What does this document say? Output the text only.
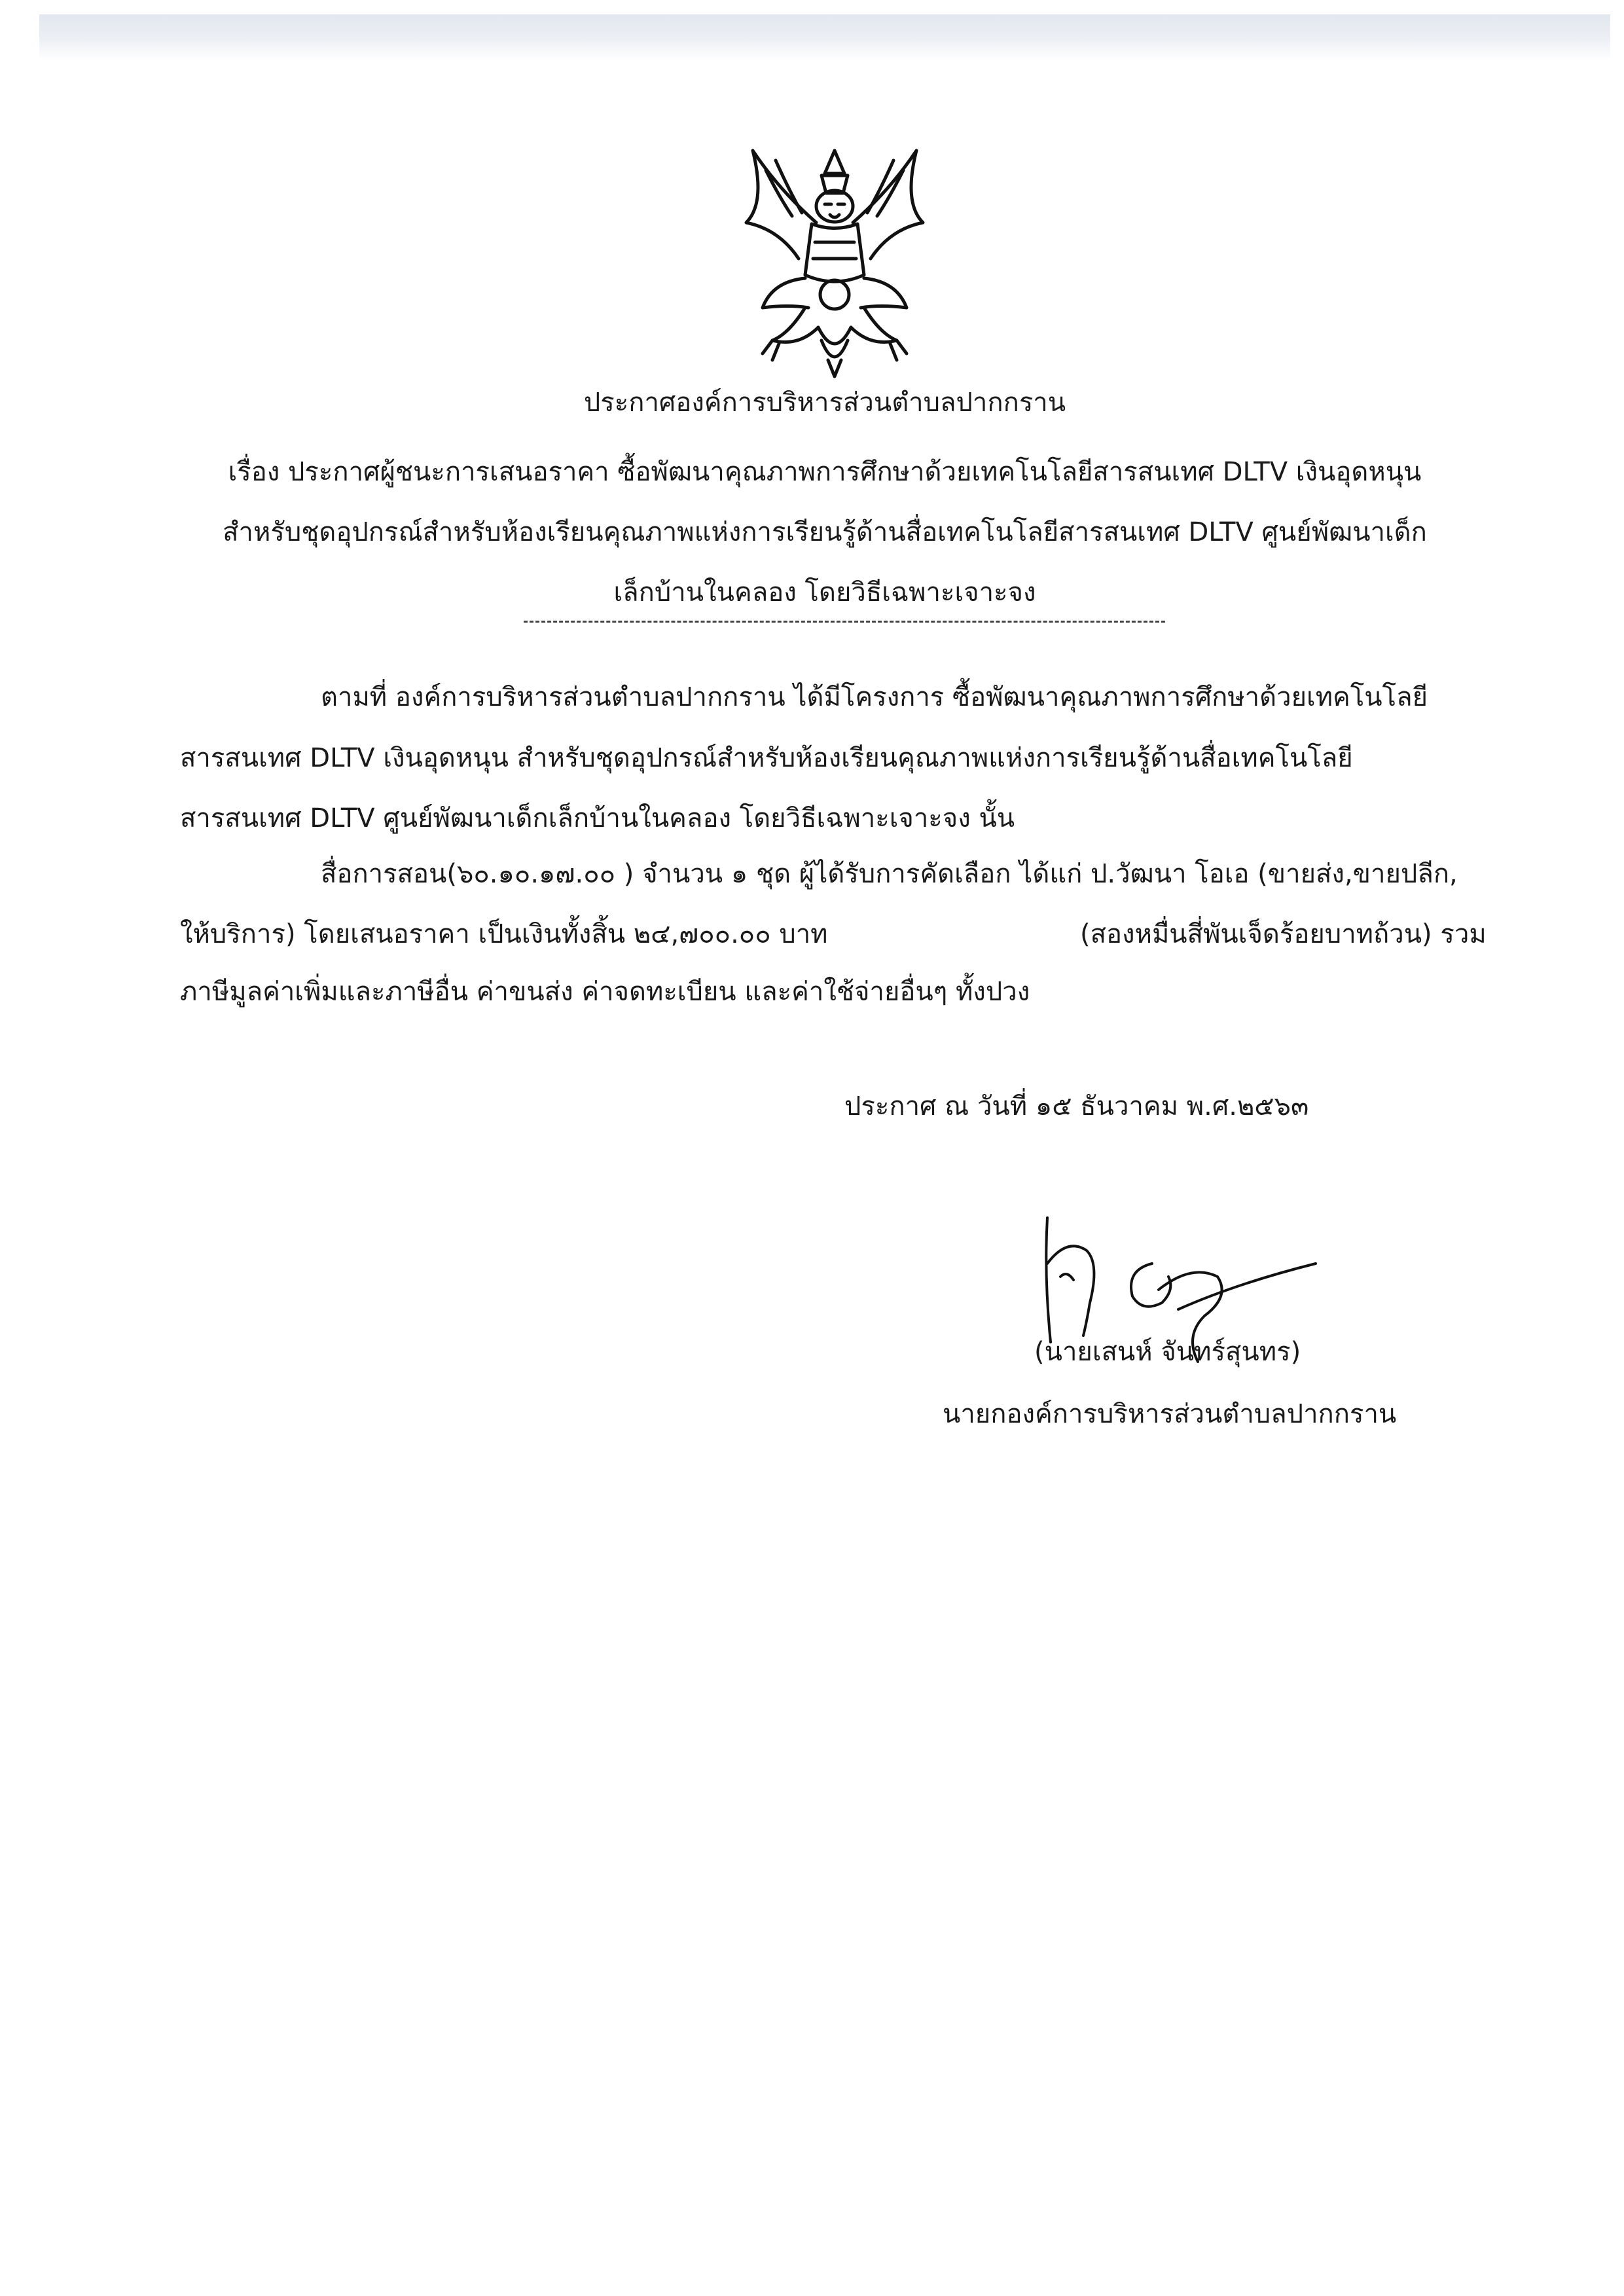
ประกาศองค์การบริหารส่วนตำบลปากกราน
เรื่อง ประกาศผู้ชนะการเสนอราคา ซื้อพัฒนาคุณภาพการศึกษาด้วยเทคโนโลยีสารสนเทศ DLTV เงินอุดหนุน
สำหรับชุดอุปกรณ์สำหรับห้องเรียนคุณภาพแห่งการเรียนรู้ด้านสื่อเทคโนโลยีสารสนเทศ DLTV ศูนย์พัฒนาเด็ก
เล็กบ้านในคลอง โดยวิธีเฉพาะเจาะจง
ตามที่ องค์การบริหารส่วนตำบลปากกราน ได้มีโครงการ ซื้อพัฒนาคุณภาพการศึกษาด้วยเทคโนโลยี
สารสนเทศ DLTV เงินอุดหนุน สำหรับชุดอุปกรณ์สำหรับห้องเรียนคุณภาพแห่งการเรียนรู้ด้านสื่อเทคโนโลยี
สารสนเทศ DLTV ศูนย์พัฒนาเด็กเล็กบ้านในคลอง โดยวิธีเฉพาะเจาะจง นั้น
สื่อการสอน(๖๐.๑๐.๑๗.๐๐ ) จำนวน ๑ ชุด ผู้ได้รับการคัดเลือก ได้แก่ ป.วัฒนา โอเอ (ขายส่ง,ขายปลีก,
ให้บริการ) โดยเสนอราคา เป็นเงินทั้งสิ้น ๒๔,๗๐๐.๐๐ บาท	(สองหมื่นสี่พันเจ็ดร้อยบาทถ้วน) รวม
ภาษีมูลค่าเพิ่มและภาษีอื่น ค่าขนส่ง ค่าจดทะเบียน และค่าใช้จ่ายอื่นๆ ทั้งปวง
ประกาศ ณ วันที่ ๑๕ ธันวาคม พ.ศ.๒๕๖๓
(นายเสนห์ จันทร์สุนทร)
นายกองค์การบริหารส่วนตำบลปากกราน
